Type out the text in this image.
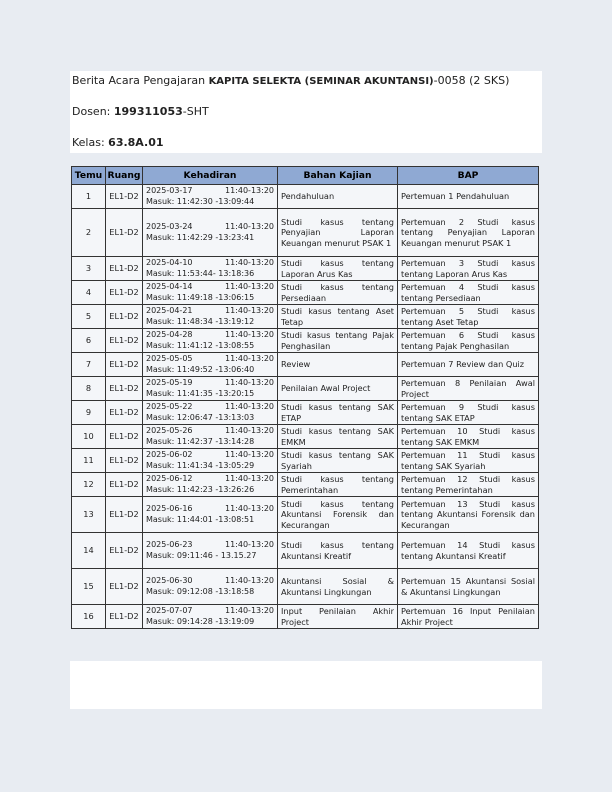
Berita Acara Pengajaran KAPITA SELEKTA (SEMINAR AKUNTANSI)-0058 (2 SKS)
Dosen: 199311053-SHT
Kelas: 63.8A.01
Temu	Ruang	Kehadiran	Bahan Kajian	BAP
1	EL1-D2	2025-03-17 11:40-13:20
Masuk: 11:42:30 -13:09:44	Pendahuluan	Pertemuan 1 Pendahuluan
2	EL1-D2	2025-03-24 11:40-13:20
Masuk: 11:42:29 -13:23:41	Studi kasus tentang Penyajian Laporan Keuangan menurut PSAK 1	Pertemuan 2 Studi kasus tentang Penyajian Laporan Keuangan menurut PSAK 1
3	EL1-D2	2025-04-10 11:40-13:20
Masuk: 11:53:44- 13:18:36	Studi kasus tentang Laporan Arus Kas	Pertemuan 3 Studi kasus tentang Laporan Arus Kas
4	EL1-D2	2025-04-14 11:40-13:20
Masuk: 11:49:18 -13:06:15	Studi kasus tentang Persediaan	Pertemuan 4 Studi kasus tentang Persediaan
5	EL1-D2	2025-04-21 11:40-13:20
Masuk: 11:48:34 -13:19:12	Studi kasus tentang Aset Tetap	Pertemuan 5 Studi kasus tentang Aset Tetap
6	EL1-D2	2025-04-28 11:40-13:20
Masuk: 11:41:12 -13:08:55	Studi kasus tentang Pajak Penghasilan	Pertemuan 6 Studi kasus tentang Pajak Penghasilan
7	EL1-D2	2025-05-05 11:40-13:20
Masuk: 11:49:52 -13:06:40	Review	Pertemuan 7 Review dan Quiz
8	EL1-D2	2025-05-19 11:40-13:20
Masuk: 11:41:35 -13:20:15	Penilaian Awal Project	Pertemuan 8 Penilaian Awal Project
9	EL1-D2	2025-05-22 11:40-13:20
Masuk: 12:06:47 -13:13:03	Studi kasus tentang SAK ETAP	Pertemuan 9 Studi kasus tentang SAK ETAP
10	EL1-D2	2025-05-26 11:40-13:20
Masuk: 11:42:37 -13:14:28	Studi kasus tentang SAK EMKM	Pertemuan 10 Studi kasus tentang SAK EMKM
11	EL1-D2	2025-06-02 11:40-13:20
Masuk: 11:41:34 -13:05:29	Studi kasus tentang SAK Syariah	Pertemuan 11 Studi kasus tentang SAK Syariah
12	EL1-D2	2025-06-12 11:40-13:20
Masuk: 11:42:23 -13:26:26	Studi kasus tentang Pemerintahan	Pertemuan 12 Studi kasus tentang Pemerintahan
13	EL1-D2	2025-06-16 11:40-13:20
Masuk: 11:44:01 -13:08:51	Studi kasus tentang Akuntansi Forensik dan Kecurangan	Pertemuan 13 Studi kasus tentang Akuntansi Forensik dan Kecurangan
14	EL1-D2	2025-06-23 11:40-13:20
Masuk: 09:11:46 - 13.15.27	Studi kasus tentang Akuntansi Kreatif	Pertemuan 14 Studi kasus tentang Akuntansi Kreatif
15	EL1-D2	2025-06-30 11:40-13:20
Masuk: 09:12:08 -13:18:58	Akuntansi Sosial & Akuntansi Lingkungan	Pertemuan 15 Akuntansi Sosial & Akuntansi Lingkungan
16	EL1-D2	2025-07-07 11:40-13:20
Masuk: 09:14:28 -13:19:09	Input Penilaian Akhir Project	Pertemuan 16 Input Penilaian Akhir Project
